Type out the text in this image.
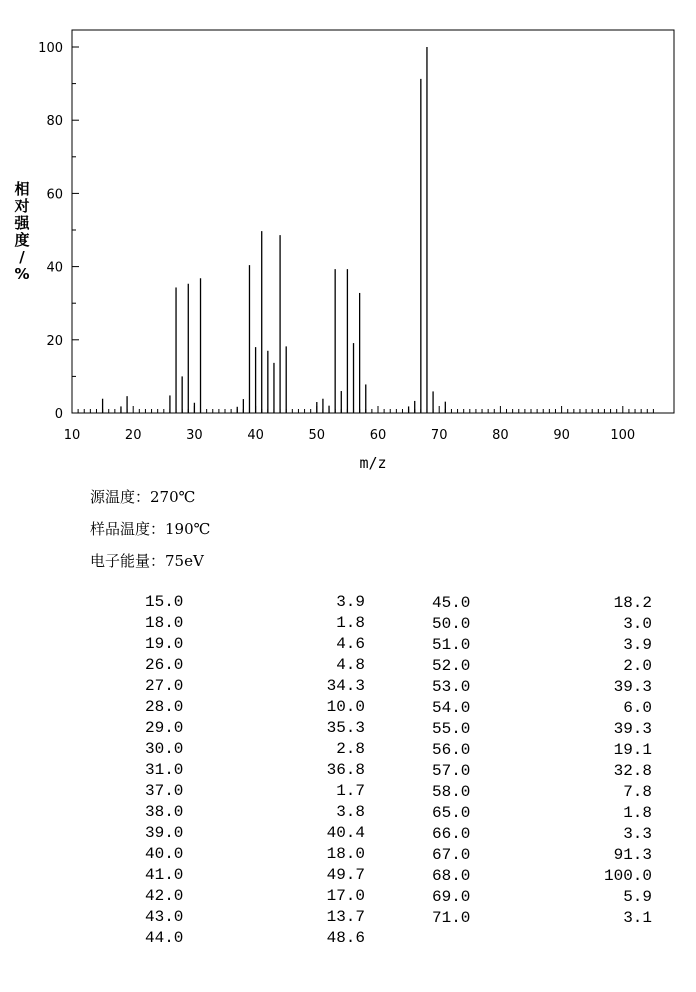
10	20	30	40	50	60	70	80	90	100
0
20
40
60
80
100
m/z
相对强度/ %
源温度：270℃
样品温度：190℃
电子能量：75eV
15.0	3.9
18.0	1.8
19.0	4.6
26.0	4.8
27.0	34.3
28.0	10.0
29.0	35.3
30.0	2.8
31.0	36.8
37.0	1.7
38.0	3.8
39.0	40.4
40.0	18.0
41.0	49.7
42.0	17.0
43.0	13.7
44.0	48.6
45.0	18.2
50.0	3.0
51.0	3.9
52.0	2.0
53.0	39.3
54.0	6.0
55.0	39.3
56.0	19.1
57.0	32.8
58.0	7.8
65.0	1.8
66.0	3.3
67.0	91.3
68.0	100.0
69.0	5.9
71.0	3.1
